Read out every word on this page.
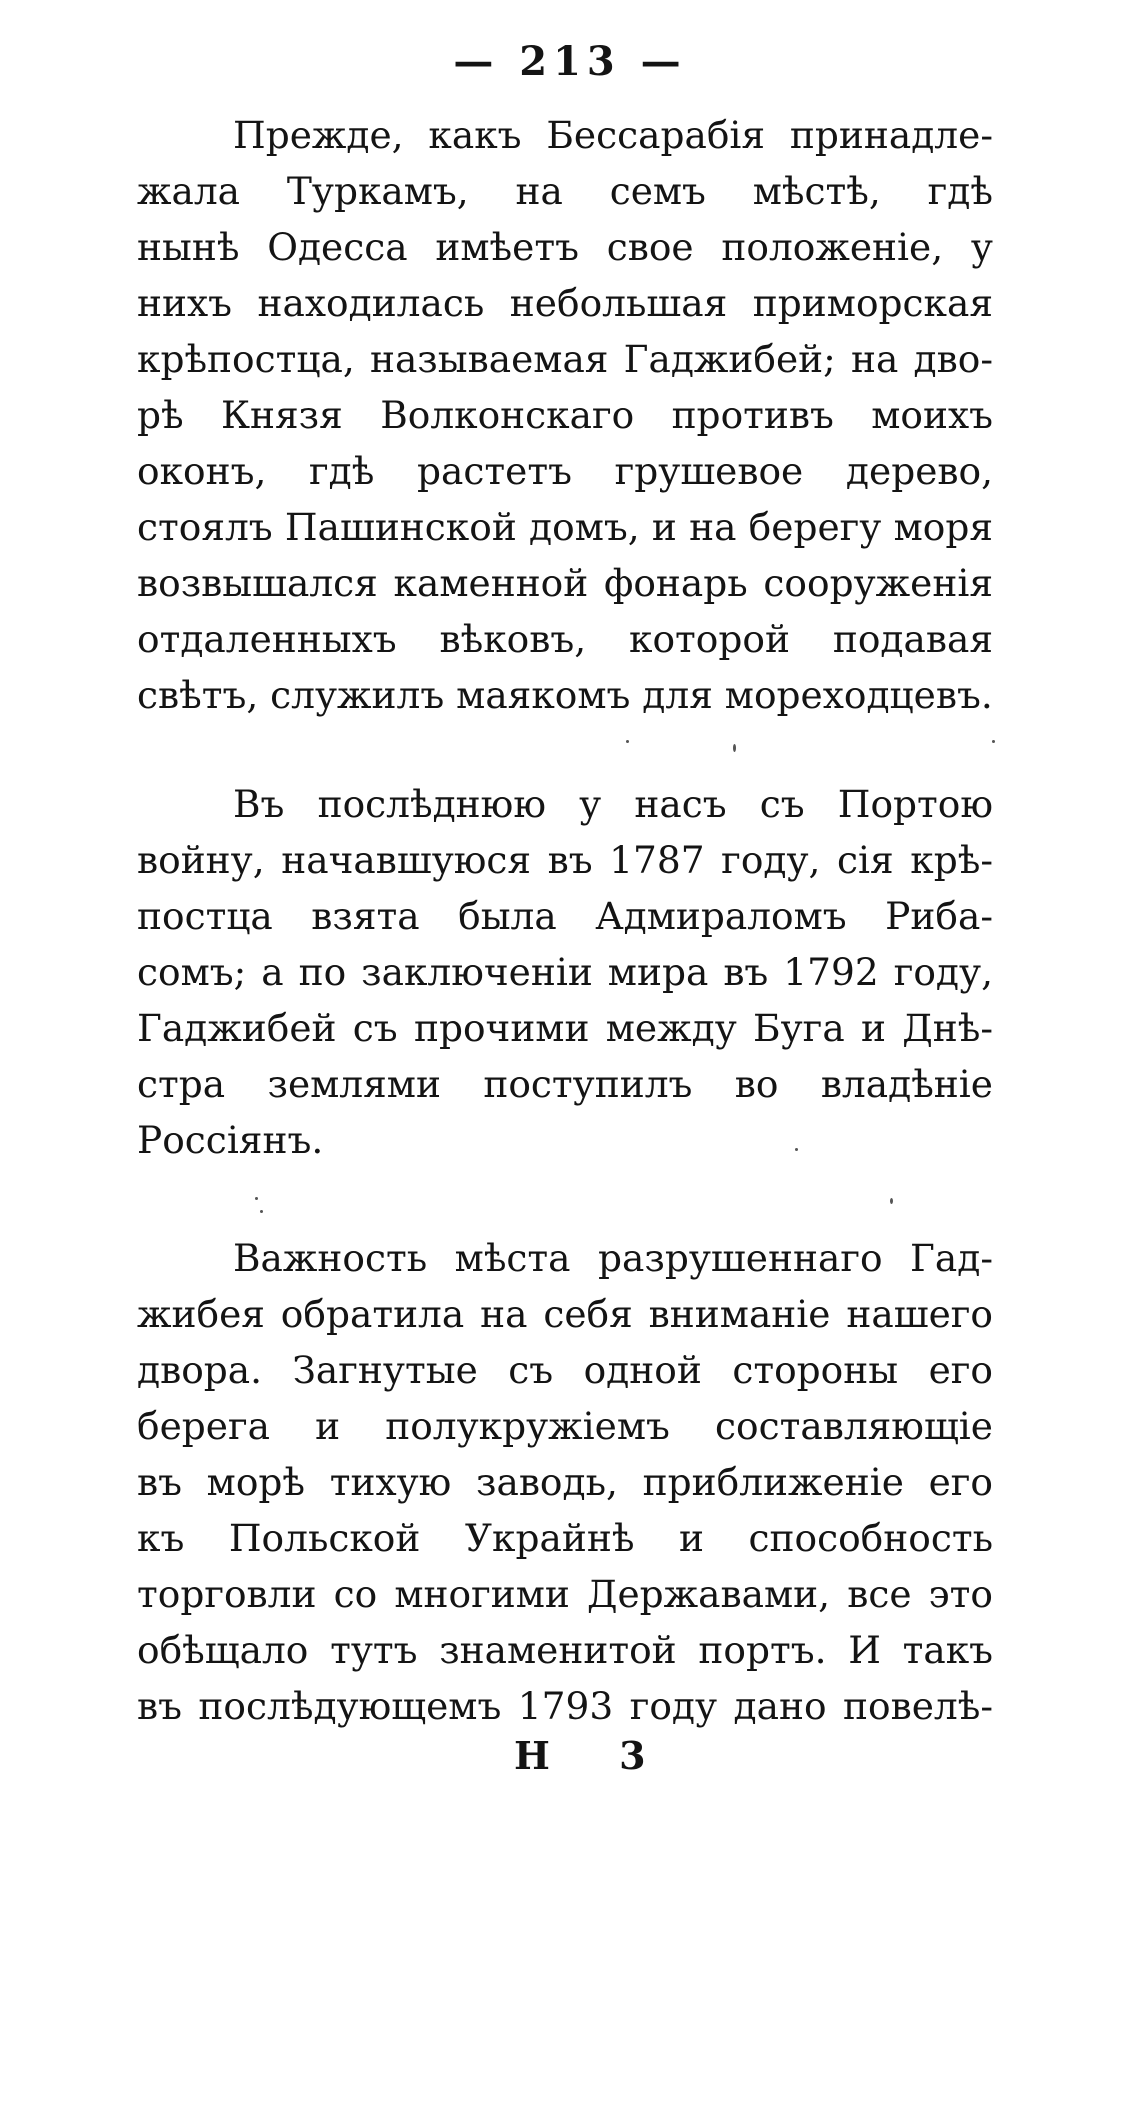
— 213 —
Прежде, какъ Бессарабія принадле-
жала Туркамъ, на семъ мѣстѣ, гдѣ
нынѣ Одесса имѣетъ свое положеніе, у
нихъ находилась небольшая приморская
крѣпостца, называемая Гаджибей; на дво-
рѣ Князя Волконскаго противъ моихъ
оконъ, гдѣ растетъ грушевое дерево,
стоялъ Пашинской домъ, и на берегу моря
возвышался каменной фонарь сооруженія
отдаленныхъ вѣковъ, которой подавая
свѣтъ, служилъ маякомъ для мореходцевъ.
Въ послѣднюю у насъ съ Портою
войну, начавшуюся въ 1787 году, сія крѣ-
постца взята была Адмираломъ Риба-
сомъ; а по заключеніи мира въ 1792 году,
Гаджибей съ прочими между Буга и Днѣ-
стра землями поступилъ во владѣніе
Россіянъ.
Важность мѣста разрушеннаго Гад-
жибея обратила на себя вниманіе нашего
двора. Загнутые съ одной стороны его
берега и полукружіемъ составляющіе
въ морѣ тихую заводь, приближеніе его
къ Польской Украйнѣ и способность
торговли со многими Державами, все это
обѣщало тутъ знаменитой портъ. И такъ
въ послѣдующемъ 1793 году дано повелѣ-
Н 3
